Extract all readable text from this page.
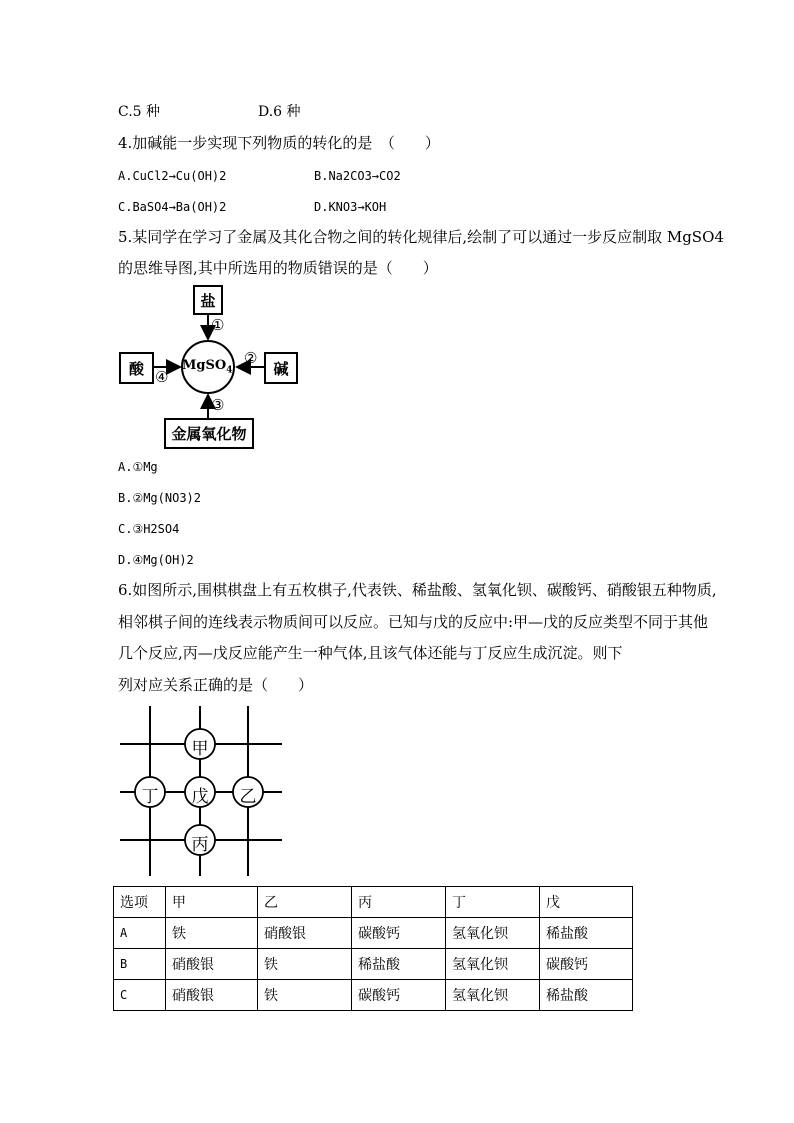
C.5 种	D.6 种
4.加碱能一步实现下列物质的转化的是　（　　）
A.CuCl2→Cu(OH)2	B.Na2CO3→CO2
C.BaSO4→Ba(OH)2	D.KNO3→KOH
5.某同学在学习了金属及其化合物之间的转化规律后,绘制了可以通过一步反应制取 MgSO4
的思维导图,其中所选用的物质错误的是（　　）
盐
碱
酸
金属氧化物
MgSO$_4$
①
②
③
④
A.①Mg
B.②Mg(NO3)2
C.③H2SO4
D.④Mg(OH)2
6.如图所示,围棋棋盘上有五枚棋子,代表铁、稀盐酸、氢氧化钡、碳酸钙、硝酸银五种物质,
相邻棋子间的连线表示物质间可以反应。已知与戊的反应中:甲—戊的反应类型不同于其他
几个反应,丙—戊反应能产生一种气体,且该气体还能与丁反应生成沉淀。则下
列对应关系正确的是（　　）
甲
丁 戊 乙
丙
选项	甲	乙	丙	丁	戊
A	铁	硝酸银	碳酸钙	氢氧化钡	稀盐酸
B	硝酸银	铁	稀盐酸	氢氧化钡	碳酸钙
C	硝酸银	铁	碳酸钙	氢氧化钡	稀盐酸
